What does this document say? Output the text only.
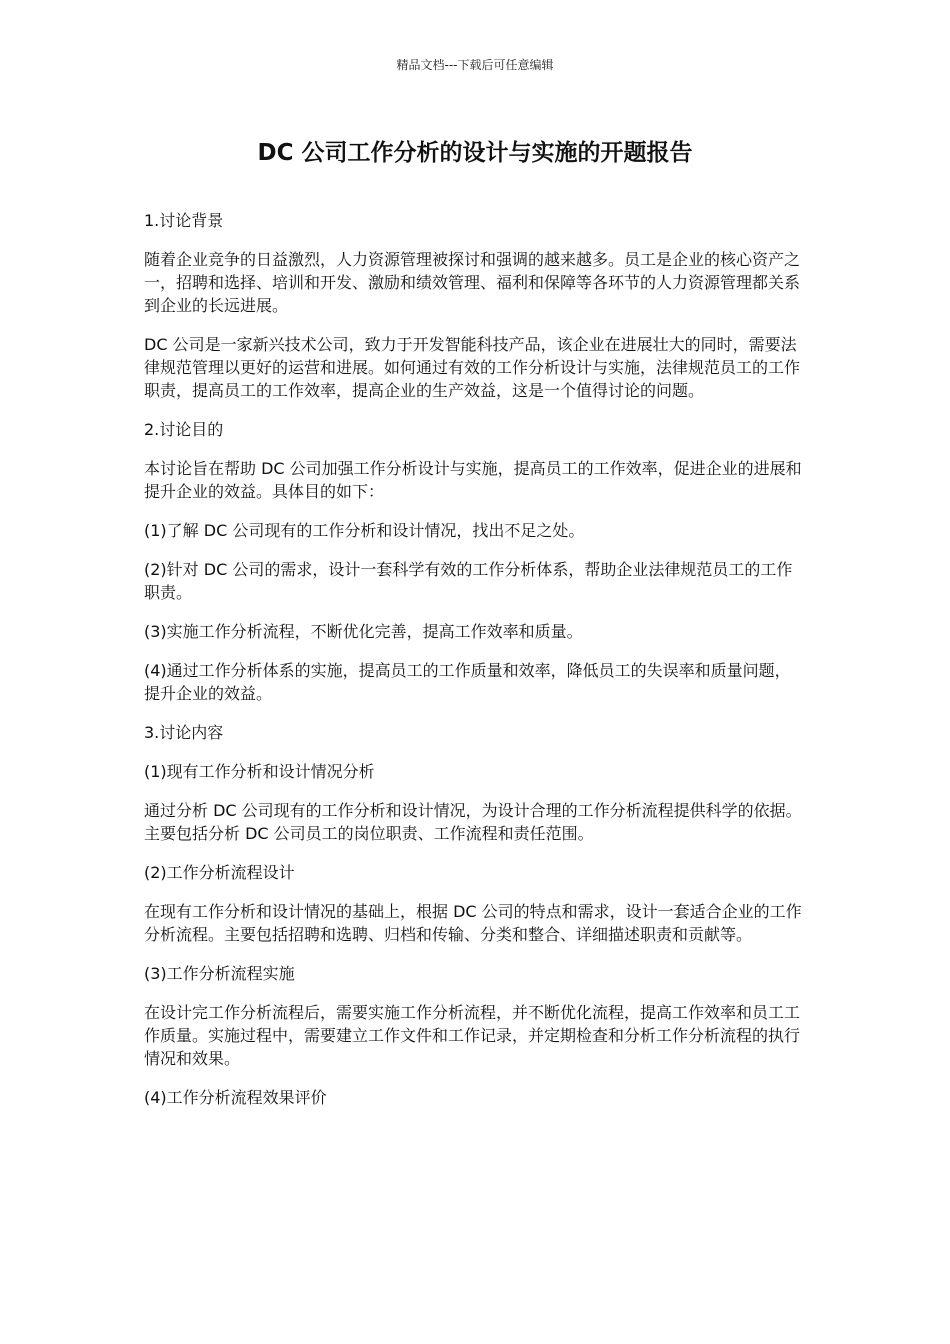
精品文档---下载后可任意编辑
DC 公司工作分析的设计与实施的开题报告

1.讨论背景

随着企业竞争的日益激烈，人力资源管理被探讨和强调的越来越多。员工是企业的核心资产之一，招聘和选择、培训和开发、激励和绩效管理、福利和保障等各环节的人力资源管理都关系到企业的长远进展。

DC 公司是一家新兴技术公司，致力于开发智能科技产品，该企业在进展壮大的同时，需要法律规范管理以更好的运营和进展。如何通过有效的工作分析设计与实施，法律规范员工的工作职责，提高员工的工作效率，提高企业的生产效益，这是一个值得讨论的问题。

2.讨论目的

本讨论旨在帮助 DC 公司加强工作分析设计与实施，提高员工的工作效率，促进企业的进展和提升企业的效益。具体目的如下：

(1)了解 DC 公司现有的工作分析和设计情况，找出不足之处。

(2)针对 DC 公司的需求，设计一套科学有效的工作分析体系，帮助企业法律规范员工的工作职责。

(3)实施工作分析流程，不断优化完善，提高工作效率和质量。

(4)通过工作分析体系的实施，提高员工的工作质量和效率，降低员工的失误率和质量问题，提升企业的效益。

3.讨论内容

(1)现有工作分析和设计情况分析

通过分析 DC 公司现有的工作分析和设计情况，为设计合理的工作分析流程提供科学的依据。主要包括分析 DC 公司员工的岗位职责、工作流程和责任范围。

(2)工作分析流程设计

在现有工作分析和设计情况的基础上，根据 DC 公司的特点和需求，设计一套适合企业的工作分析流程。主要包括招聘和选聘、归档和传输、分类和整合、详细描述职责和贡献等。

(3)工作分析流程实施

在设计完工作分析流程后，需要实施工作分析流程，并不断优化流程，提高工作效率和员工工作质量。实施过程中，需要建立工作文件和工作记录，并定期检查和分析工作分析流程的执行情况和效果。

(4)工作分析流程效果评价
